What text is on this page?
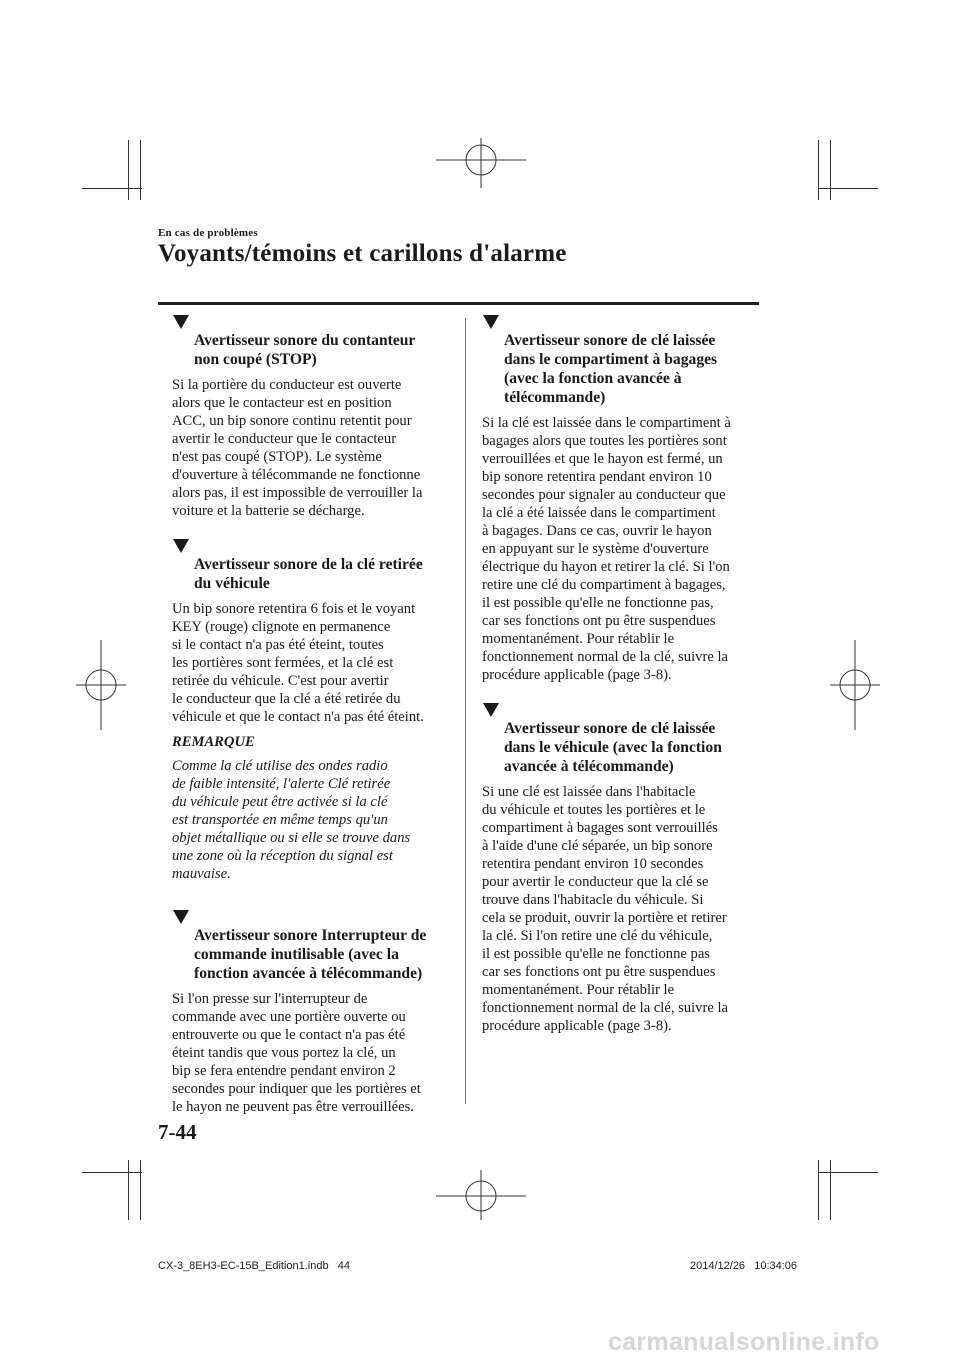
En cas de problèmes
Voyants/témoins et carillons d'alarme

Avertisseur sonore du contanteur
non coupé (STOP)

Si la portière du conducteur est ouverte
alors que le contacteur est en position
ACC, un bip sonore continu retentit pour
avertir le conducteur que le contacteur
n'est pas coupé (STOP). Le système
d'ouverture à télécommande ne fonctionne
alors pas, il est impossible de verrouiller la
voiture et la batterie se décharge.

Avertisseur sonore de la clé retirée
du véhicule

Un bip sonore retentira 6 fois et le voyant
KEY (rouge) clignote en permanence
si le contact n'a pas été éteint, toutes
les portières sont fermées, et la clé est
retirée du véhicule. C'est pour avertir
le conducteur que la clé a été retirée du
véhicule et que le contact n'a pas été éteint.

REMARQUE

Comme la clé utilise des ondes radio
de faible intensité, l'alerte Clé retirée
du véhicule peut être activée si la clé
est transportée en même temps qu'un
objet métallique ou si elle se trouve dans
une zone où la réception du signal est
mauvaise.

Avertisseur sonore Interrupteur de
commande inutilisable (avec la
fonction avancée à télécommande)

Si l'on presse sur l'interrupteur de
commande avec une portière ouverte ou
entrouverte ou que le contact n'a pas été
éteint tandis que vous portez la clé, un
bip se fera entendre pendant environ 2
secondes pour indiquer que les portières et
le hayon ne peuvent pas être verrouillées.

Avertisseur sonore de clé laissée
dans le compartiment à bagages
(avec la fonction avancée à
télécommande)

Si la clé est laissée dans le compartiment à
bagages alors que toutes les portières sont
verrouillées et que le hayon est fermé, un
bip sonore retentira pendant environ 10
secondes pour signaler au conducteur que
la clé a été laissée dans le compartiment
à bagages. Dans ce cas, ouvrir le hayon
en appuyant sur le système d'ouverture
électrique du hayon et retirer la clé. Si l'on
retire une clé du compartiment à bagages,
il est possible qu'elle ne fonctionne pas,
car ses fonctions ont pu être suspendues
momentanément. Pour rétablir le
fonctionnement normal de la clé, suivre la
procédure applicable (page 3-8).

Avertisseur sonore de clé laissée
dans le véhicule (avec la fonction
avancée à télécommande)

Si une clé est laissée dans l'habitacle
du véhicule et toutes les portières et le
compartiment à bagages sont verrouillés
à l'aide d'une clé séparée, un bip sonore
retentira pendant environ 10 secondes
pour avertir le conducteur que la clé se
trouve dans l'habitacle du véhicule. Si
cela se produit, ouvrir la portière et retirer
la clé. Si l'on retire une clé du véhicule,
il est possible qu'elle ne fonctionne pas
car ses fonctions ont pu être suspendues
momentanément. Pour rétablir le
fonctionnement normal de la clé, suivre la
procédure applicable (page 3-8).

7-44
CX-3_8EH3-EC-15B_Edition1.indb   44	2014/12/26   10:34:06
carmanualsonline.info
